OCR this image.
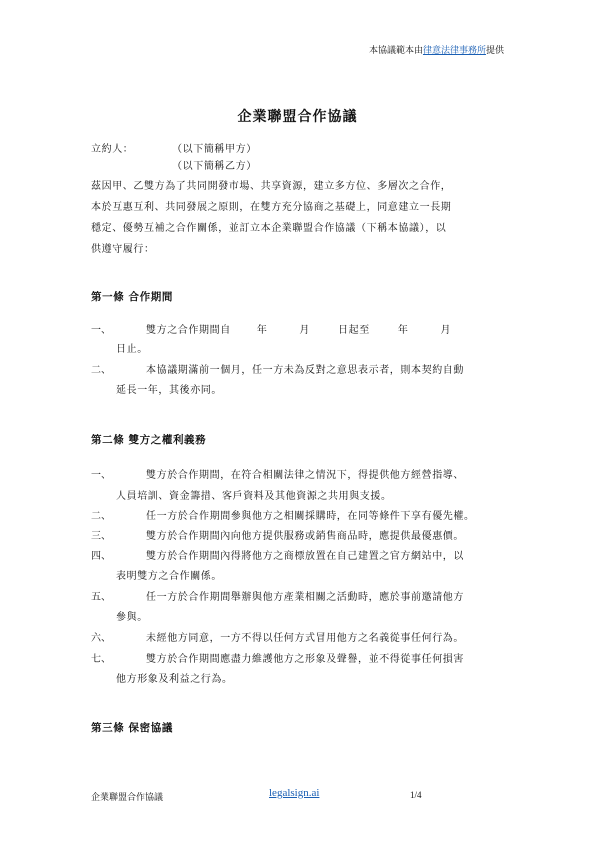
本協議範本由律意法律事務所提供
企業聯盟合作協議
立約人：	（以下簡稱甲方）
（以下簡稱乙方）
茲因甲、乙雙方為了共同開發市場、共享資源，建立多方位、多層次之合作，
本於互惠互利、共同發展之原則，在雙方充分協商之基礎上，同意建立一長期
穩定、優勢互補之合作關係，並訂立本企業聯盟合作協議（下稱本協議），以
供遵守履行：
第一條 合作期間
一、	雙方之合作期間自	年	月	日起至	年	月
日止。
二、	本協議期滿前一個月，任一方未為反對之意思表示者，則本契約自動
延長一年，其後亦同。
第二條 雙方之權利義務
一、	雙方於合作期間，在符合相關法律之情況下，得提供他方經營指導、
人員培訓、資金籌措、客戶資料及其他資源之共用與支援。
二、	任一方於合作期間參與他方之相關採購時，在同等條件下享有優先權。
三、	雙方於合作期間內向他方提供服務或銷售商品時，應提供最優惠價。
四、	雙方於合作期間內得將他方之商標放置在自己建置之官方網站中，以
表明雙方之合作關係。
五、	任一方於合作期間舉辦與他方產業相關之活動時，應於事前邀請他方
參與。
六、	未經他方同意，一方不得以任何方式冒用他方之名義從事任何行為。
七、	雙方於合作期間應盡力維護他方之形象及聲譽，並不得從事任何損害
他方形象及利益之行為。
第三條 保密協議
企業聯盟合作協議	legalsign.ai	1/4
